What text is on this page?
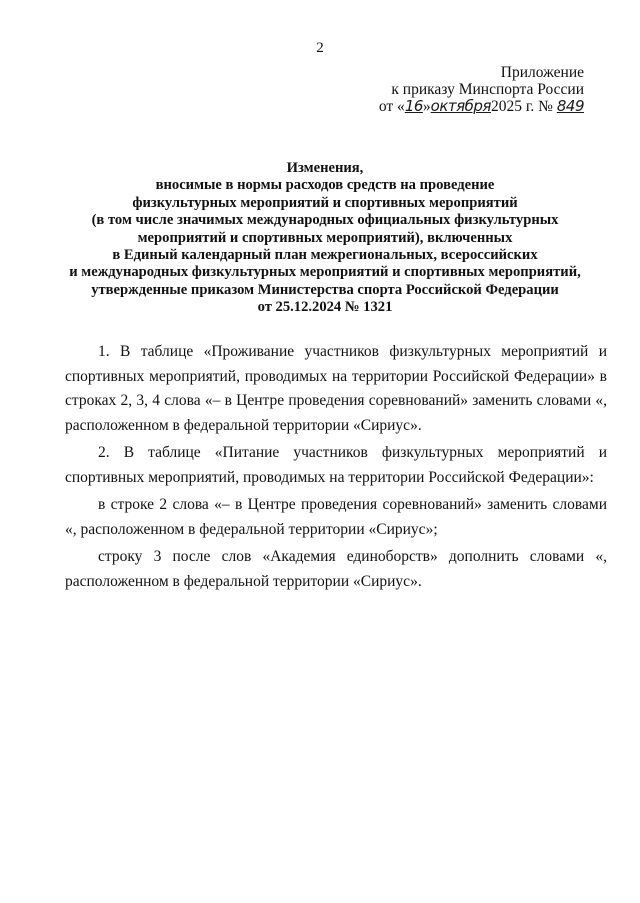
2
Приложение
к приказу Минспорта России
от «16»октября2025 г. № 849
Изменения,
вносимые в нормы расходов средств на проведение
физкультурных мероприятий и спортивных мероприятий
(в том числе значимых международных официальных физкультурных
мероприятий и спортивных мероприятий), включенных
в Единый календарный план межрегиональных, всероссийских
и международных физкультурных мероприятий и спортивных мероприятий,
утвержденные приказом Министерства спорта Российской Федерации
от 25.12.2024 № 1321

1. В таблице «Проживание участников физкультурных мероприятий и спортивных мероприятий, проводимых на территории Российской Федерации» в строках 2, 3, 4 слова «– в Центре проведения соревнований» заменить словами «, расположенном в федеральной территории «Сириус».

2. В таблице «Питание участников физкультурных мероприятий и спортивных мероприятий, проводимых на территории Российской Федерации»:

в строке 2 слова «– в Центре проведения соревнований» заменить словами «, расположенном в федеральной территории «Сириус»;

строку 3 после слов «Академия единоборств» дополнить словами «, расположенном в федеральной территории «Сириус».
